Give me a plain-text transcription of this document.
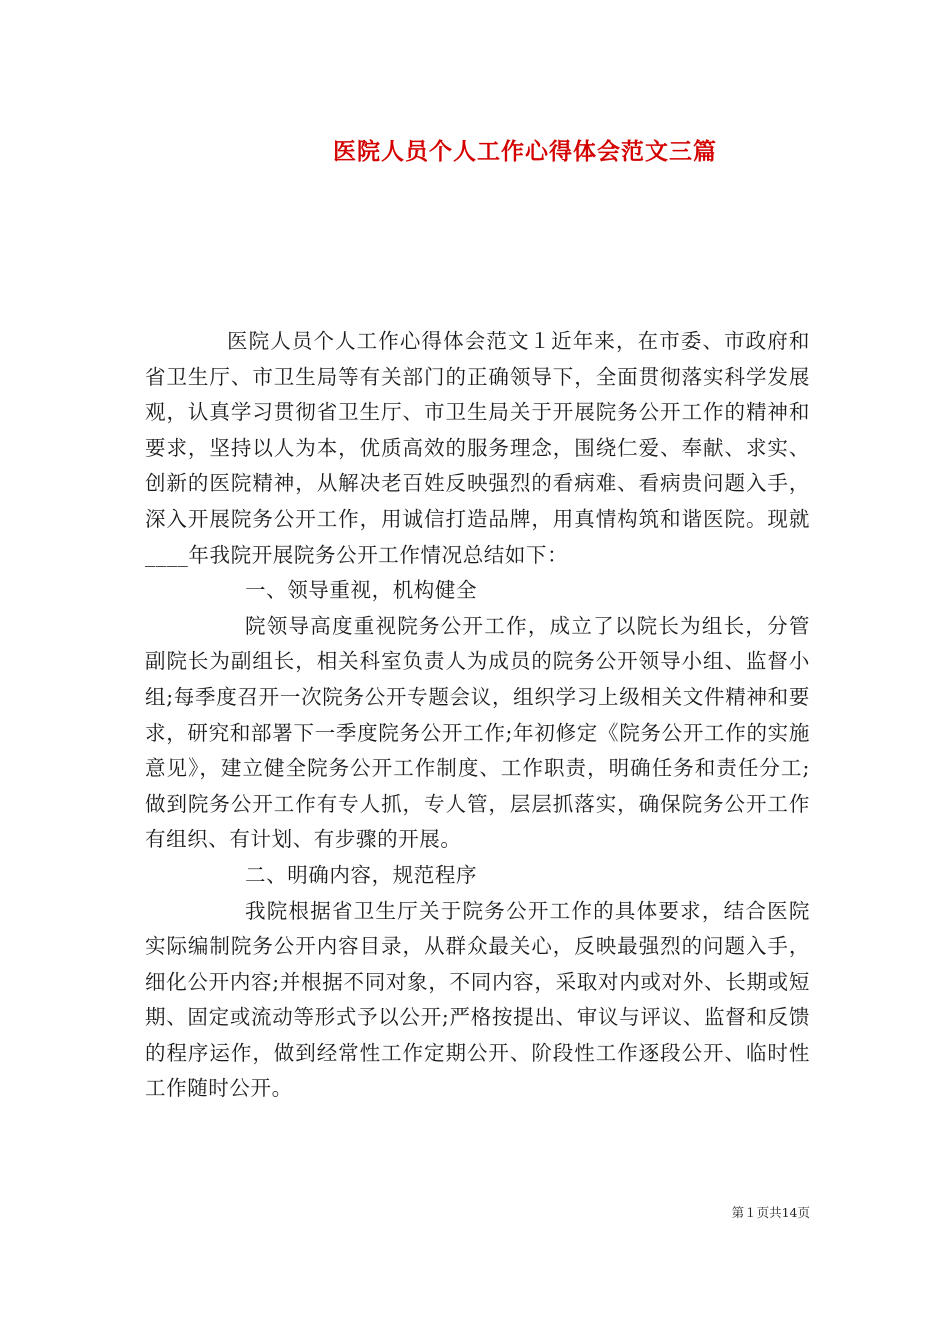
医院人员个人工作心得体会范文三篇

医院人员个人工作心得体会范文１近年来，在市委、市政府和省卫生厅、市卫生局等有关部门的正确领导下，全面贯彻落实科学发展观，认真学习贯彻省卫生厅、市卫生局关于开展院务公开工作的精神和要求，坚持以人为本，优质高效的服务理念，围绕仁爱、奉献、求实、创新的医院精神，从解决老百姓反映强烈的看病难、看病贵问题入手，深入开展院务公开工作，用诚信打造品牌，用真情构筑和谐医院。现就____年我院开展院务公开工作情况总结如下：

一、领导重视，机构健全

院领导高度重视院务公开工作，成立了以院长为组长，分管副院长为副组长，相关科室负责人为成员的院务公开领导小组、监督小组;每季度召开一次院务公开专题会议，组织学习上级相关文件精神和要求，研究和部署下一季度院务公开工作;年初修定《院务公开工作的实施意见》，建立健全院务公开工作制度、工作职责，明确任务和责任分工;做到院务公开工作有专人抓，专人管，层层抓落实，确保院务公开工作有组织、有计划、有步骤的开展。

二、明确内容，规范程序

我院根据省卫生厅关于院务公开工作的具体要求，结合医院实际编制院务公开内容目录，从群众最关心，反映最强烈的问题入手，细化公开内容;并根据不同对象，不同内容，采取对内或对外、长期或短期、固定或流动等形式予以公开;严格按提出、审议与评议、监督和反馈的程序运作，做到经常性工作定期公开、阶段性工作逐段公开、临时性工作随时公开。

第１页共14页
